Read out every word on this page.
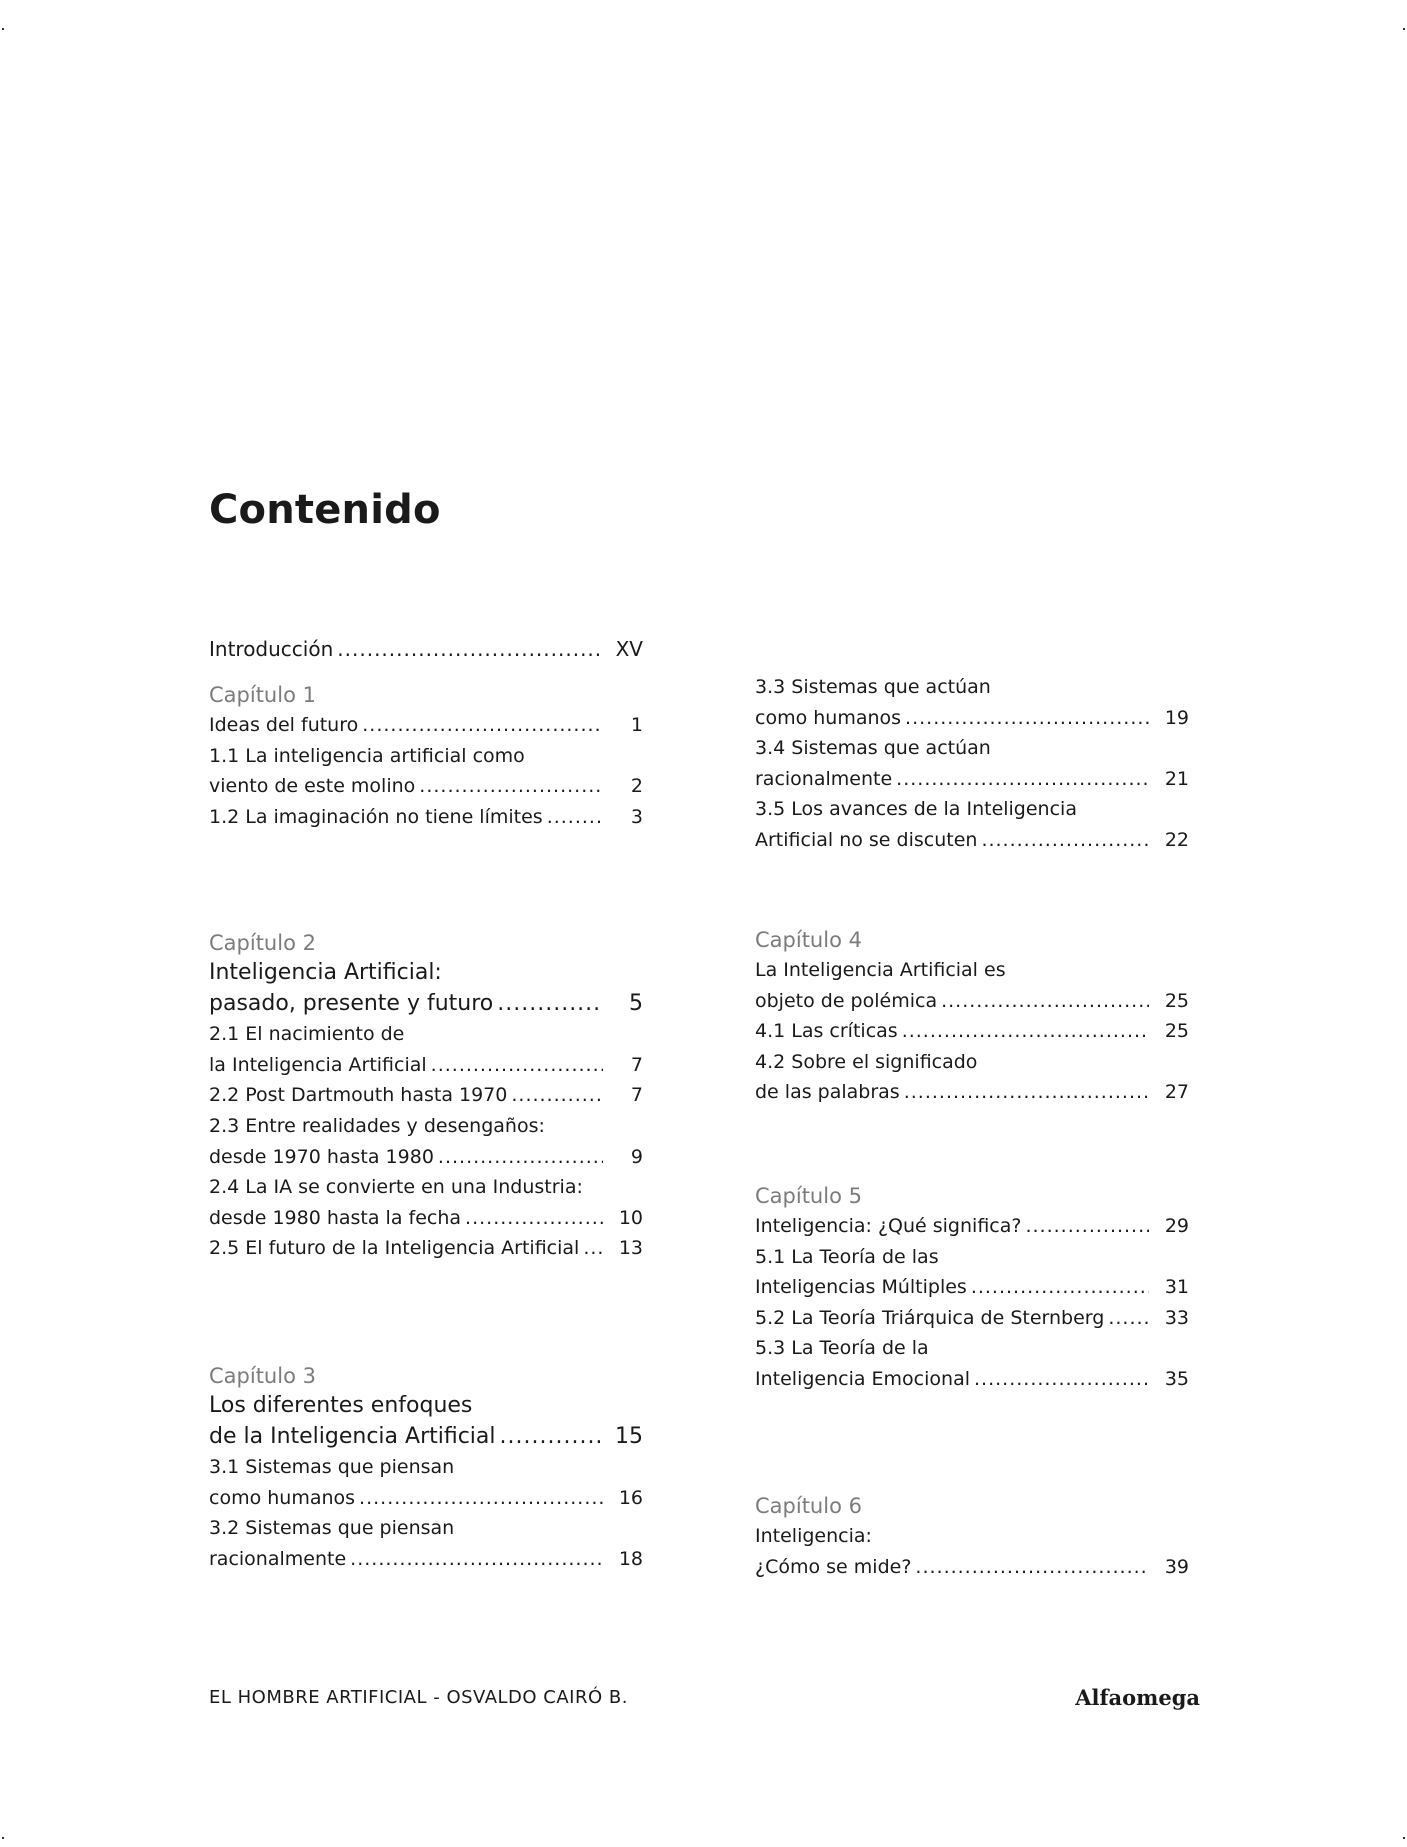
Contenido
Introducción .....	XV
Capítulo 1
Ideas del futuro .....	1
1.1 La inteligencia artificial como
viento de este molino .....	2
1.2 La imaginación no tiene límites .....	3
Capítulo 2
Inteligencia Artificial:
pasado, presente y futuro .....	5
2.1 El nacimiento de
la Inteligencia Artificial .....	7
2.2 Post Dartmouth hasta 1970 .....	7
2.3 Entre realidades y desengaños:
desde 1970 hasta 1980 .....	9
2.4 La IA se convierte en una Industria:
desde 1980 hasta la fecha .....	10
2.5 El futuro de la Inteligencia Artificial .....	13
Capítulo 3
Los diferentes enfoques
de la Inteligencia Artificial .....	15
3.1 Sistemas que piensan
como humanos .....	16
3.2 Sistemas que piensan
racionalmente .....	18
3.3 Sistemas que actúan
como humanos .....	19
3.4 Sistemas que actúan
racionalmente .....	21
3.5 Los avances de la Inteligencia
Artificial no se discuten .....	22
Capítulo 4
La Inteligencia Artificial es
objeto de polémica .....	25
4.1 Las críticas .....	25
4.2 Sobre el significado
de las palabras .....	27
Capítulo 5
Inteligencia: ¿Qué significa? .....	29
5.1 La Teoría de las
Inteligencias Múltiples .....	31
5.2 La Teoría Triárquica de Sternberg .....	33
5.3 La Teoría de la
Inteligencia Emocional .....	35
Capítulo 6
Inteligencia:
¿Cómo se mide? .....	39
EL HOMBRE ARTIFICIAL - OSVALDO CAIRÓ B.	Alfaomega
